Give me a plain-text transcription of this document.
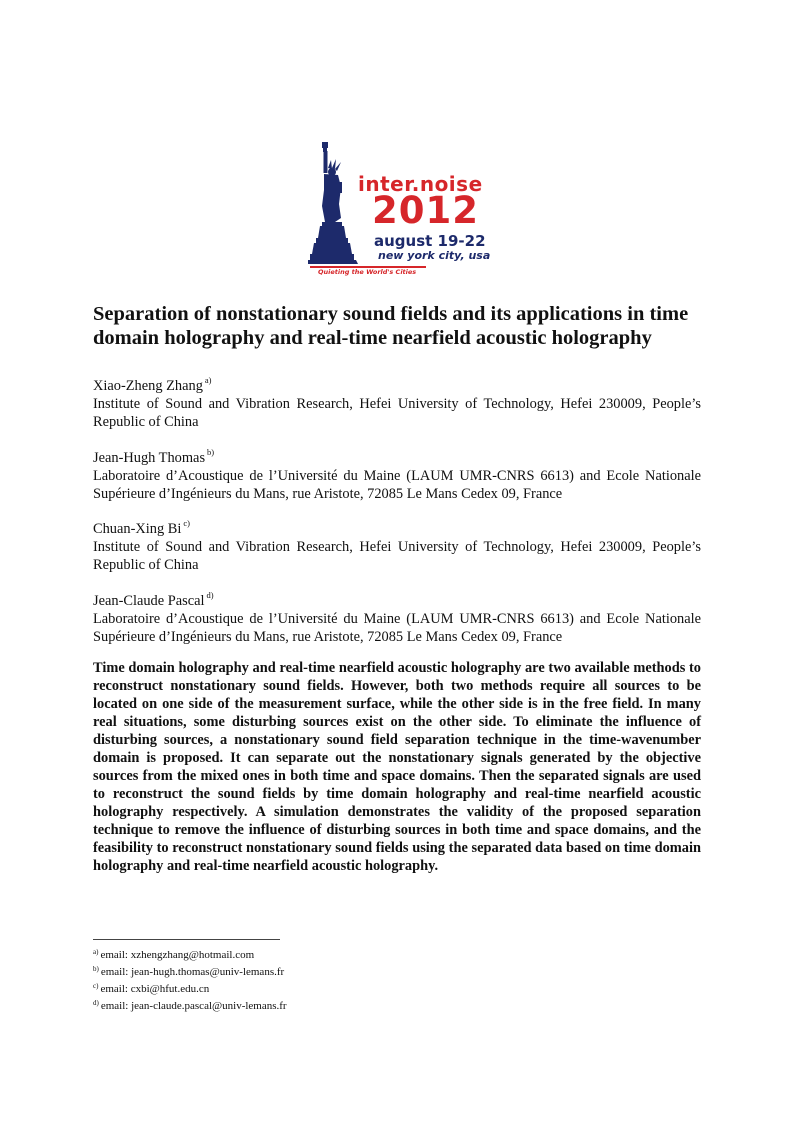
inter.noise
2012
august 19-22
new york city, usa
Quieting the World's Cities
Separation of nonstationary sound fields and its applications in time domain holography and real-time nearfield acoustic holography
Xiao-Zheng Zhang $^{a)}$
Institute of Sound and Vibration Research, Hefei University of Technology, Hefei 230009, People’s Republic of China
Jean-Hugh Thomas $^{b)}$
Laboratoire d’Acoustique de l’Université du Maine (LAUM UMR-CNRS 6613) and Ecole Nationale Supérieure d’Ingénieurs du Mans, rue Aristote, 72085 Le Mans Cedex 09, France
Chuan-Xing Bi $^{c)}$
Institute of Sound and Vibration Research, Hefei University of Technology, Hefei 230009, People’s Republic of China
Jean-Claude Pascal $^{d)}$
Laboratoire d’Acoustique de l’Université du Maine (LAUM UMR-CNRS 6613) and Ecole Nationale Supérieure d’Ingénieurs du Mans, rue Aristote, 72085 Le Mans Cedex 09, France

Time domain holography and real-time nearfield acoustic holography are two available methods to reconstruct nonstationary sound fields. However, both two methods require all sources to be located on one side of the measurement surface, while the other side is in the free field. In many real situations, some disturbing sources exist on the other side. To eliminate the influence of disturbing sources, a nonstationary sound field separation technique in the time-wavenumber domain is proposed. It can separate out the nonstationary signals generated by the objective sources from the mixed ones in both time and space domains. Then the separated signals are used to reconstruct the sound fields by time domain holography and real-time nearfield acoustic holography respectively. A simulation demonstrates the validity of the proposed separation technique to remove the influence of disturbing sources in both time and space domains, and the feasibility to reconstruct nonstationary sound fields using the separated data based on time domain holography and real-time nearfield acoustic holography.

$^{a)}$ email: xzhengzhang@hotmail.com
$^{b)}$ email: jean-hugh.thomas@univ-lemans.fr
$^{c)}$ email: cxbi@hfut.edu.cn
$^{d)}$ email: jean-claude.pascal@univ-lemans.fr
